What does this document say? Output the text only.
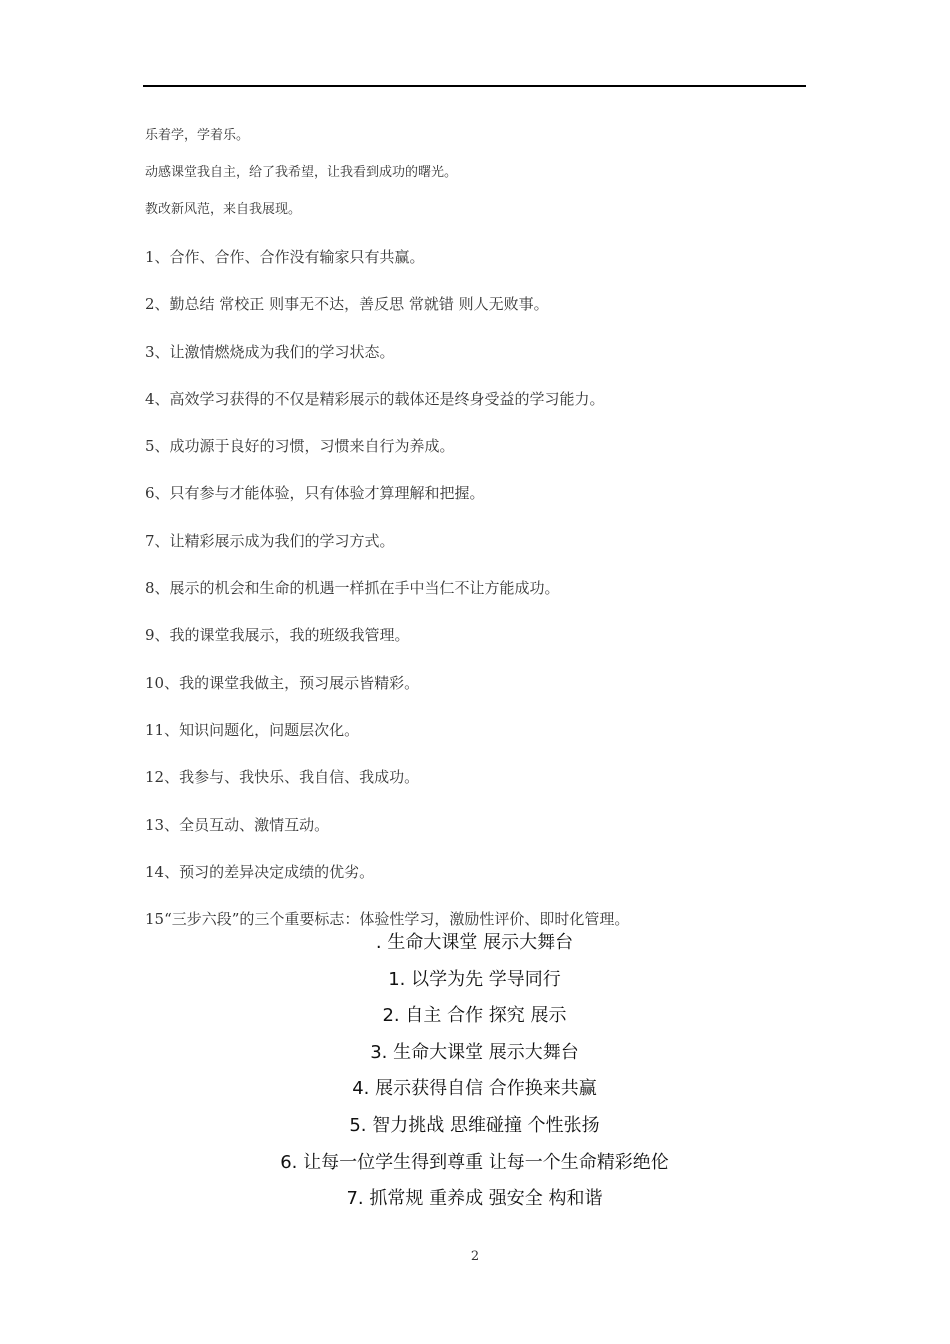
乐着学，学着乐。
动感课堂我自主，给了我希望，让我看到成功的曙光。
教改新风范，来自我展现。
1、合作、合作、合作没有输家只有共赢。
2、勤总结 常校正 则事无不达，善反思 常就错 则人无败事。
3、让激情燃烧成为我们的学习状态。
4、高效学习获得的不仅是精彩展示的载体还是终身受益的学习能力。
5、成功源于良好的习惯，习惯来自行为养成。
6、只有参与才能体验，只有体验才算理解和把握。
7、让精彩展示成为我们的学习方式。
8、展示的机会和生命的机遇一样抓在手中当仁不让方能成功。
9、我的课堂我展示，我的班级我管理。
10、我的课堂我做主，预习展示皆精彩。
11、知识问题化，问题层次化。
12、我参与、我快乐、我自信、我成功。
13、全员互动、激情互动。
14、预习的差异决定成绩的优劣。
15“三步六段”的三个重要标志：体验性学习，激励性评价、即时化管理。
. 生命大课堂 展示大舞台
1. 以学为先 学导同行
2. 自主 合作 探究 展示
3. 生命大课堂 展示大舞台
4. 展示获得自信 合作换来共赢
5. 智力挑战 思维碰撞 个性张扬
6. 让每一位学生得到尊重 让每一个生命精彩绝伦
7. 抓常规 重养成 强安全 构和谐
2
